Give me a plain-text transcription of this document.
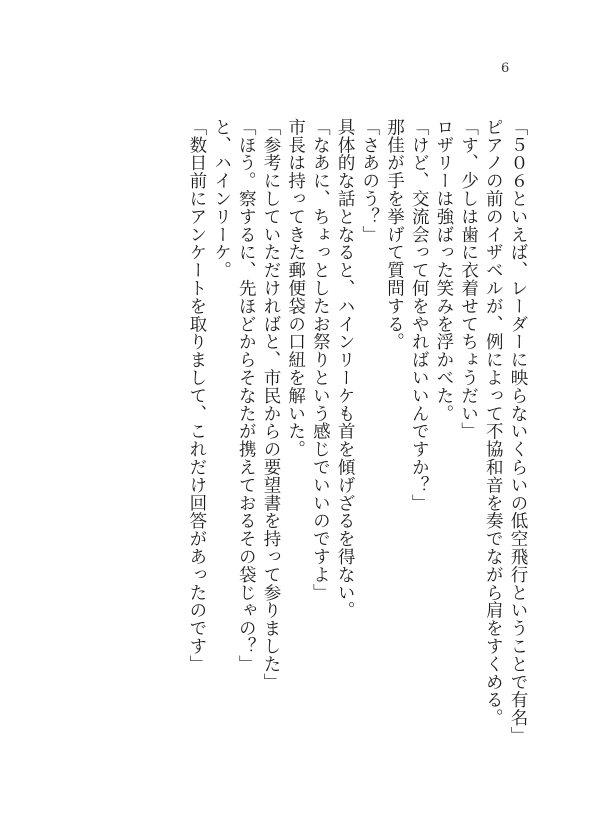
6
「５０６といえば、レーダーに映らないくらいの低空飛行ということで有名」
ピアノの前のイザベルが、例によって不協和音を奏でながら肩をすくめる。
「す、少しは歯に衣着せてちょうだい」
ロザリーは強ばった笑みを浮かべた。
「けど、交流会って何をやればいいんですか？」
那佳が手を挙げて質問する。
「さあのう？」
具体的な話となると、ハインリーケも首を傾げざるを得ない。
「なあに、ちょっとしたお祭りという感じでいいのですよ」
市長は持ってきた郵便袋の口紐を解いた。
「参考にしていただければと、市民からの要望書を持って参りました」
「ほう。察するに、先ほどからそなたが携えておるその袋じゃの？」
と、ハインリーケ。
「数日前にアンケートを取りまして、これだけ回答があったのです」
